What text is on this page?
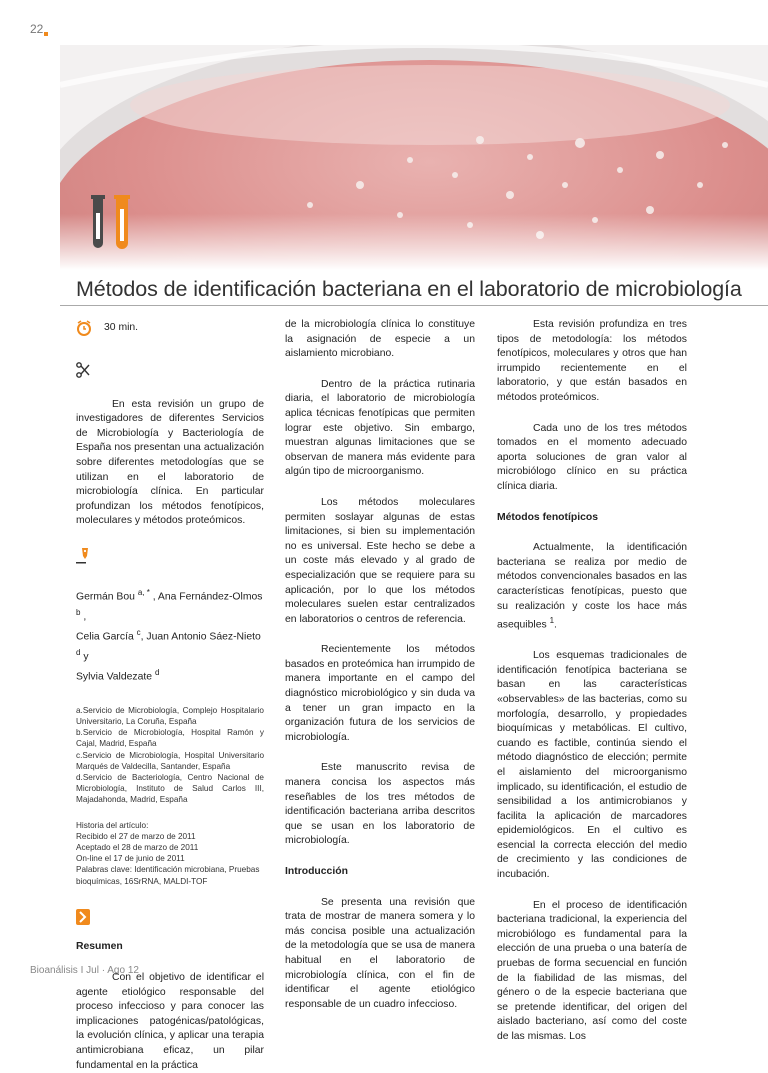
22
Métodos de identificación bacteriana en el laboratorio de microbiología
30 min.

En esta revisión un grupo de investigadores de diferentes Servicios de Microbiología y Bacteriología de España nos presentan una actualización sobre diferentes metodologías que se utilizan en el laboratorio de microbiología clínica. En particular profundizan los métodos fenotípicos, moleculares y métodos proteómicos.

Germán Bou $^{a, *}$ , Ana Fernández-Olmos $^b$ ,
Celia García $^c$, Juan Antonio Sáez-Nieto $^d$ y
Sylvia Valdezate $^d$
a.Servicio de Microbiología, Complejo Hospitalario Universitario, La Coruña, España
b.Servicio de Microbiología, Hospital Ramón y Cajal, Madrid, España
c.Servicio de Microbiología, Hospital Universitario Marqués de Valdecilla, Santander, España
d.Servicio de Bacteriología, Centro Nacional de Microbiología, Instituto de Salud Carlos III, Majadahonda, Madrid, España
Historia del artículo:
Recibido el 27 de marzo de 2011
Aceptado el 28 de marzo de 2011
On-line el 17 de junio de 2011
Palabras clave: Identificación microbiana, Pruebas bioquímicas, 16SrRNA, MALDI-TOF
Resumen

Con el objetivo de identificar el agente etiológico responsable del proceso infeccioso y para conocer las implicaciones patogénicas/patológicas, la evolución clínica, y aplicar una terapia antimicrobiana eficaz, un pilar fundamental en la práctica

de la microbiología clínica lo constituye la asignación de especie a un aislamiento microbiano.

Dentro de la práctica rutinaria diaria, el laboratorio de microbiología aplica técnicas fenotípicas que permiten lograr este objetivo. Sin embargo, muestran algunas limitaciones que se observan de manera más evidente para algún tipo de microorganismo.

Los métodos moleculares permiten soslayar algunas de estas limitaciones, si bien su implementación no es universal. Este hecho se debe a un coste más elevado y al grado de especialización que se requiere para su aplicación, por lo que los métodos moleculares suelen estar centralizados en laboratorios o centros de referencia.

Recientemente los métodos basados en proteómica han irrumpido de manera importante en el campo del diagnóstico microbiológico y sin duda va a tener un gran impacto en la organización futura de los servicios de microbiología.

Este manuscrito revisa de manera concisa los aspectos más reseñables de los tres métodos de identificación bacteriana arriba descritos que se usan en los laboratorio de microbiología.

Introducción

Se presenta una revisión que trata de mostrar de manera somera y lo más concisa posible una actualización de la metodología que se usa de manera habitual en el laboratorio de microbiología clínica, con el fin de identificar el agente etiológico responsable de un cuadro infeccioso.

Esta revisión profundiza en tres tipos de metodología: los métodos fenotípicos, moleculares y otros que han irrumpido recientemente en el laboratorio, y que están basados en métodos proteómicos.

Cada uno de los tres métodos tomados en el momento adecuado aporta soluciones de gran valor al microbiólogo clínico en su práctica clínica diaria.

Métodos fenotípicos

Actualmente, la identificación bacteriana se realiza por medio de métodos convencionales basados en las características fenotípicas, puesto que su realización y coste los hace más asequibles $^1$.

Los esquemas tradicionales de identificación fenotípica bacteriana se basan en las características «observables» de las bacterias, como su morfología, desarrollo, y propiedades bioquímicas y metabólicas. El cultivo, cuando es factible, continúa siendo el método diagnóstico de elección; permite el aislamiento del microorganismo implicado, su identificación, el estudio de sensibilidad a los antimicrobianos y facilita la aplicación de marcadores epidemiológicos. En el cultivo es esencial la correcta elección del medio de crecimiento y las condiciones de incubación.

En el proceso de identificación bacteriana tradicional, la experiencia del microbiólogo es fundamental para la elección de una prueba o una batería de pruebas de forma secuencial en función de la fiabilidad de las mismas, del género o de la especie bacteriana que se pretende identificar, del origen del aislado bacteriano, así como del coste de las mismas. Los

Bioanálisis I Jul · Ago 12
